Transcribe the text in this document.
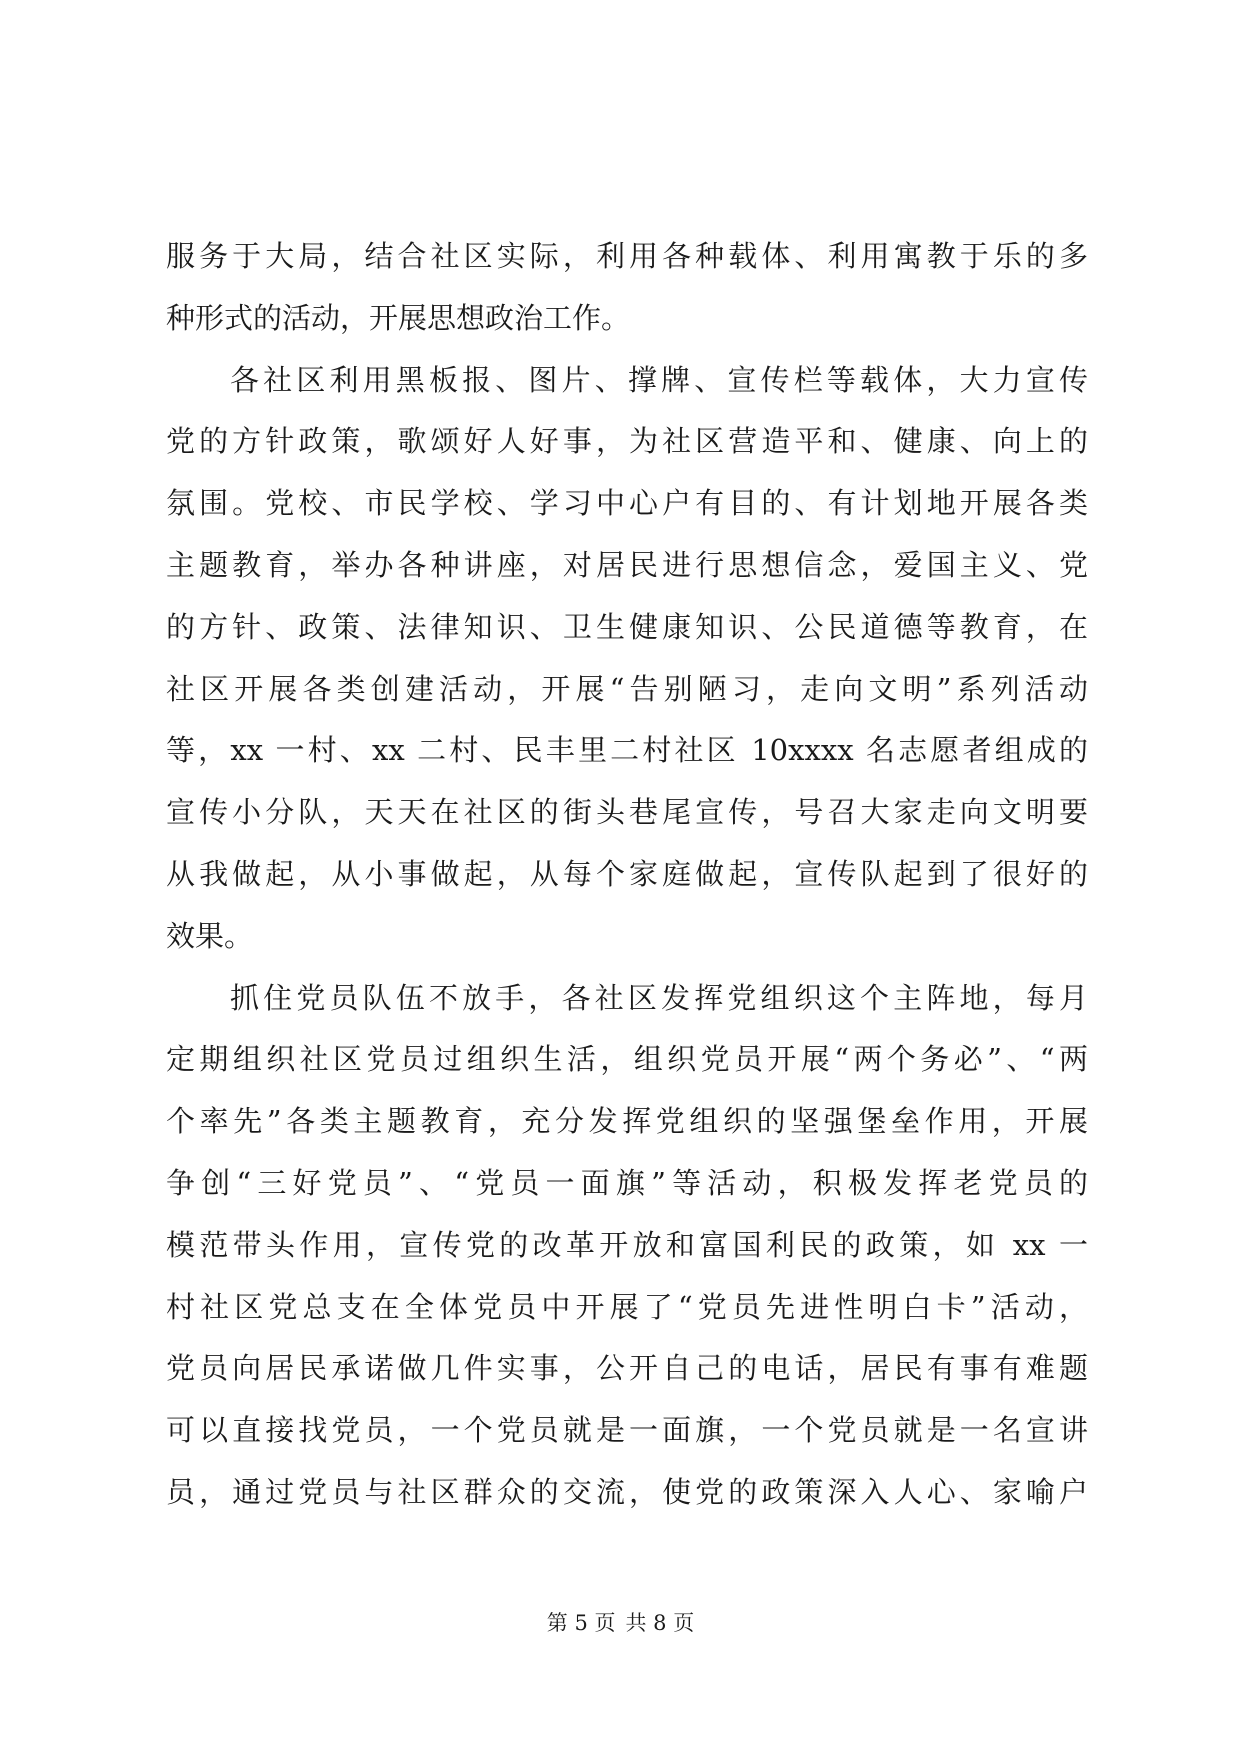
服务于大局，结合社区实际，利用各种载体、利用寓教于乐的多
种形式的活动，开展思想政治工作。
各社区利用黑板报、图片、撑牌、宣传栏等载体，大力宣传
党的方针政策，歌颂好人好事，为社区营造平和、健康、向上的
氛围。党校、市民学校、学习中心户有目的、有计划地开展各类
主题教育，举办各种讲座，对居民进行思想信念，爱国主义、党
的方针、政策、法律知识、卫生健康知识、公民道德等教育，在
社区开展各类创建活动，开展“告别陋习，走向文明”系列活动
等，xx 一村、xx 二村、民丰里二村社区 10xxxx 名志愿者组成的
宣传小分队，天天在社区的街头巷尾宣传，号召大家走向文明要
从我做起，从小事做起，从每个家庭做起，宣传队起到了很好的
效果。
抓住党员队伍不放手，各社区发挥党组织这个主阵地，每月
定期组织社区党员过组织生活，组织党员开展“两个务必”、“两
个率先”各类主题教育，充分发挥党组织的坚强堡垒作用，开展
争创“三好党员”、“党员一面旗”等活动，积极发挥老党员的
模范带头作用，宣传党的改革开放和富国利民的政策，如 xx 一
村社区党总支在全体党员中开展了“党员先进性明白卡”活动，
党员向居民承诺做几件实事，公开自己的电话，居民有事有难题
可以直接找党员，一个党员就是一面旗，一个党员就是一名宣讲
员，通过党员与社区群众的交流，使党的政策深入人心、家喻户
第 5 页 共 8 页
